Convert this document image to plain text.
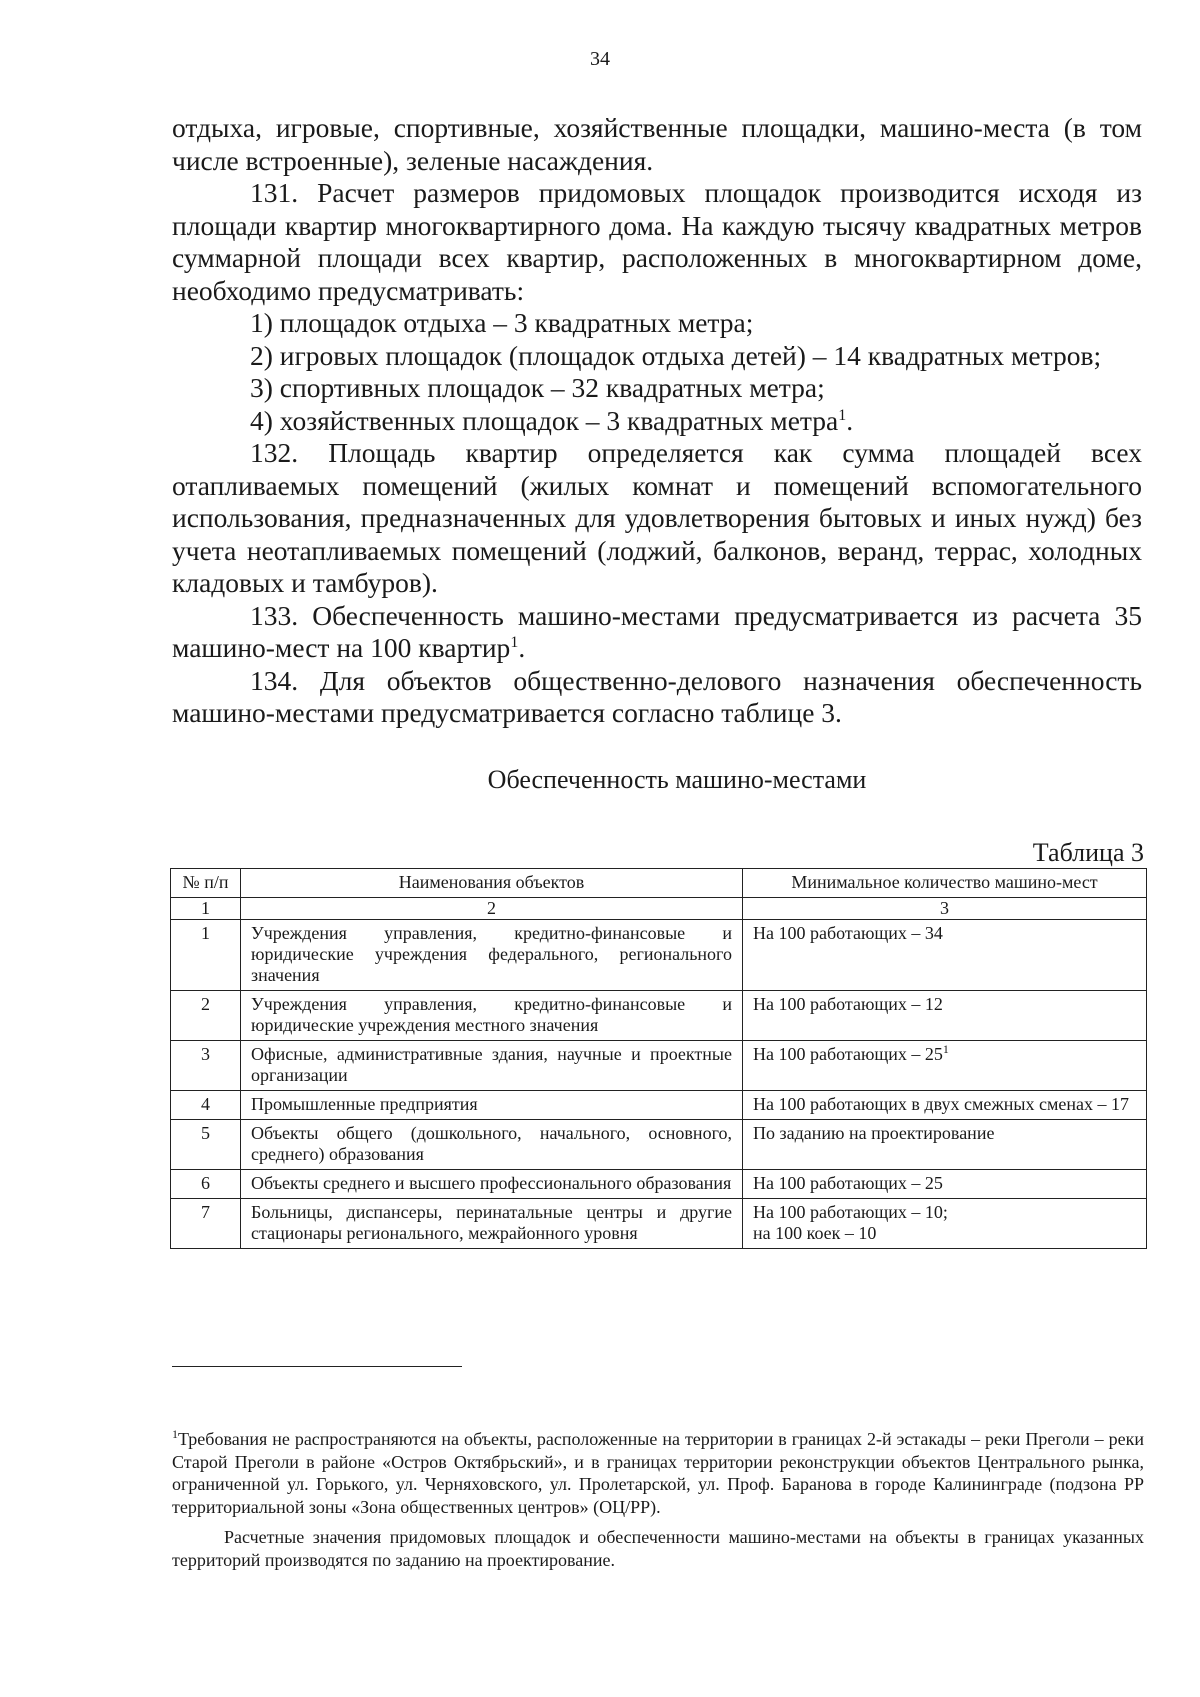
34

отдыха, игровые, спортивные, хозяйственные площадки, машино-места (в том числе встроенные), зеленые насаждения.

131. Расчет размеров придомовых площадок производится исходя из площади квартир многоквартирного дома. На каждую тысячу квадратных метров суммарной площади всех квартир, расположенных в многоквартирном доме, необходимо предусматривать:

1) площадок отдыха – 3 квадратных метра;

2) игровых площадок (площадок отдыха детей) – 14 квадратных метров;

3) спортивных площадок – 32 квадратных метра;

4) хозяйственных площадок – 3 квадратных метра$^1$.

132. Площадь квартир определяется как сумма площадей всех отапливаемых помещений (жилых комнат и помещений вспомогательного использования, предназначенных для удовлетворения бытовых и иных нужд) без учета неотапливаемых помещений (лоджий, балконов, веранд, террас, холодных кладовых и тамбуров).

133. Обеспеченность машино-местами предусматривается из расчета 35 машино-мест на 100 квартир$^1$.

134. Для объектов общественно-делового назначения обеспеченность машино-местами предусматривается согласно таблице 3.

Обеспеченность машино-местами
Таблица 3
№ п/п	Наименования объектов	Минимальное количество машино-мест
1	2	3
1	Учреждения управления, кредитно-финансовые и юридические учреждения федерального, регионального значения	На 100 работающих – 34
2	Учреждения управления, кредитно-финансовые и юридические учреждения местного значения	На 100 работающих – 12
3	Офисные, административные здания, научные и проектные организации	На 100 работающих – $25^1$
4	Промышленные предприятия	На 100 работающих в двух смежных сменах – 17
5	Объекты общего (дошкольного, начального, основного, среднего) образования	По заданию на проектирование
6	Объекты среднего и высшего профессионального образования	На 100 работающих – 25
7	Больницы, диспансеры, перинатальные центры и другие стационары регионального, межрайонного уровня	На 100 работающих – 10;
на 100 коек – 10

$^1$Требования не распространяются на объекты, расположенные на территории в границах 2-й эстакады – реки Преголи – реки Старой Преголи в районе «Остров Октябрьский», и в границах территории реконструкции объектов Центрального рынка, ограниченной ул. Горького, ул. Черняховского, ул. Пролетарской, ул. Проф. Баранова в городе Калининграде (подзона РР территориальной зоны «Зона общественных центров» (ОЦ/РР).

Расчетные значения придомовых площадок и обеспеченности машино-местами на объекты в границах указанных территорий производятся по заданию на проектирование.
